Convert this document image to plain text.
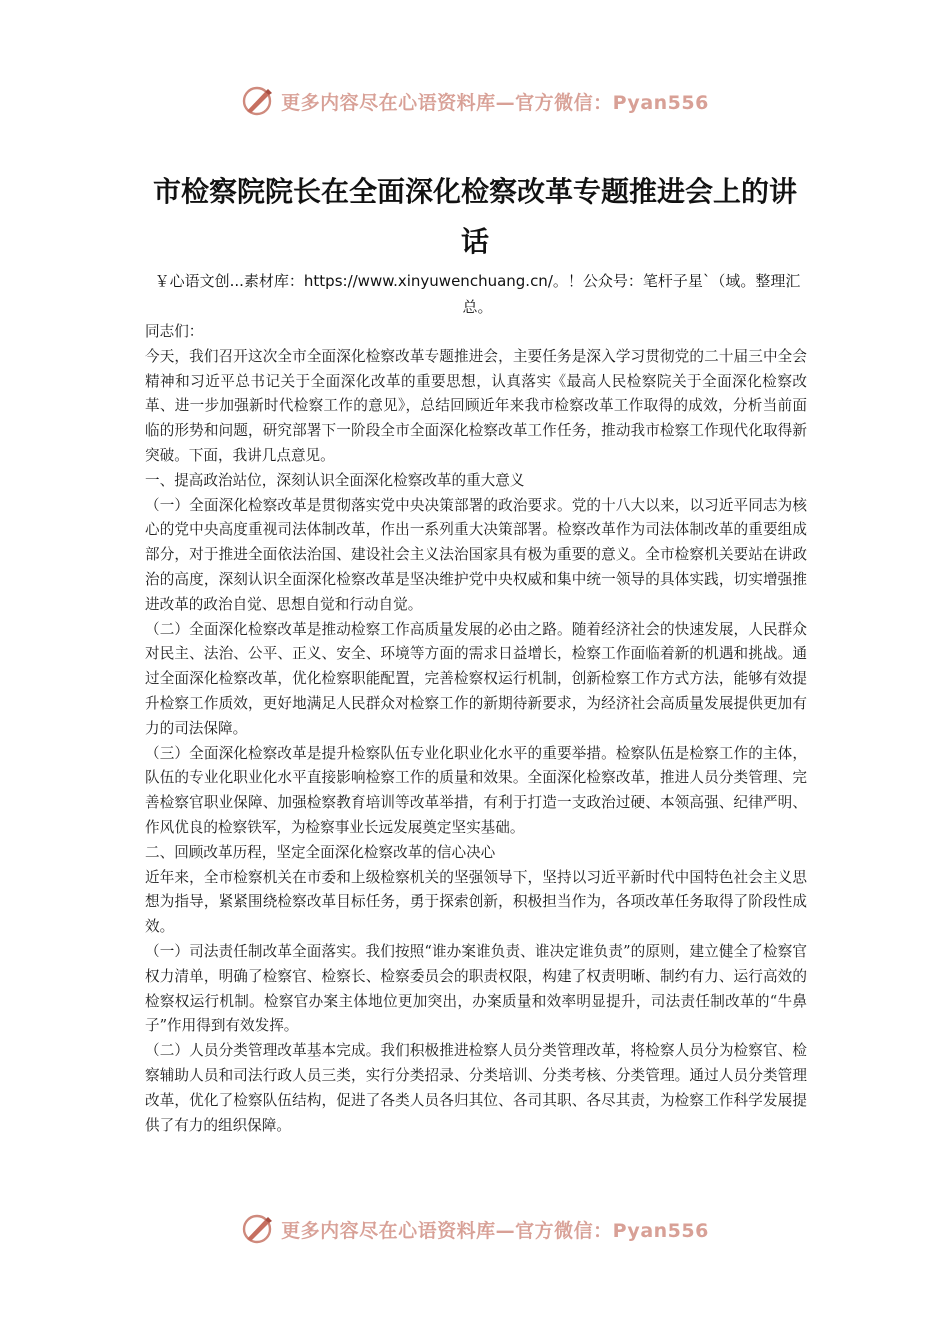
更多内容尽在心语资料库—官方微信：Pyan556
市检察院院长在全面深化检察改革专题推进会上的讲话
￥心语文创...素材库：https://www.xinyuwenchuang.cn/。！公众号：笔杆子星`（域。整理汇总。

同志们：

今天，我们召开这次全市全面深化检察改革专题推进会，主要任务是深入学习贯彻党的二十届三中全会精神和习近平总书记关于全面深化改革的重要思想，认真落实《最高人民检察院关于全面深化检察改革、进一步加强新时代检察工作的意见》，总结回顾近年来我市检察改革工作取得的成效，分析当前面临的形势和问题，研究部署下一阶段全市全面深化检察改革工作任务，推动我市检察工作现代化取得新突破。下面，我讲几点意见。

一、提高政治站位，深刻认识全面深化检察改革的重大意义

（一）全面深化检察改革是贯彻落实党中央决策部署的政治要求。党的十八大以来，以习近平同志为核心的党中央高度重视司法体制改革，作出一系列重大决策部署。检察改革作为司法体制改革的重要组成部分，对于推进全面依法治国、建设社会主义法治国家具有极为重要的意义。全市检察机关要站在讲政治的高度，深刻认识全面深化检察改革是坚决维护党中央权威和集中统一领导的具体实践，切实增强推进改革的政治自觉、思想自觉和行动自觉。

（二）全面深化检察改革是推动检察工作高质量发展的必由之路。随着经济社会的快速发展，人民群众对民主、法治、公平、正义、安全、环境等方面的需求日益增长，检察工作面临着新的机遇和挑战。通过全面深化检察改革，优化检察职能配置，完善检察权运行机制，创新检察工作方式方法，能够有效提升检察工作质效，更好地满足人民群众对检察工作的新期待新要求，为经济社会高质量发展提供更加有力的司法保障。

（三）全面深化检察改革是提升检察队伍专业化职业化水平的重要举措。检察队伍是检察工作的主体，队伍的专业化职业化水平直接影响检察工作的质量和效果。全面深化检察改革，推进人员分类管理、完善检察官职业保障、加强检察教育培训等改革举措，有利于打造一支政治过硬、本领高强、纪律严明、作风优良的检察铁军，为检察事业长远发展奠定坚实基础。

二、回顾改革历程，坚定全面深化检察改革的信心决心

近年来，全市检察机关在市委和上级检察机关的坚强领导下，坚持以习近平新时代中国特色社会主义思想为指导，紧紧围绕检察改革目标任务，勇于探索创新，积极担当作为，各项改革任务取得了阶段性成效。

（一）司法责任制改革全面落实。我们按照“谁办案谁负责、谁决定谁负责”的原则，建立健全了检察官权力清单，明确了检察官、检察长、检察委员会的职责权限，构建了权责明晰、制约有力、运行高效的检察权运行机制。检察官办案主体地位更加突出，办案质量和效率明显提升，司法责任制改革的“牛鼻子”作用得到有效发挥。

（二）人员分类管理改革基本完成。我们积极推进检察人员分类管理改革，将检察人员分为检察官、检察辅助人员和司法行政人员三类，实行分类招录、分类培训、分类考核、分类管理。通过人员分类管理改革，优化了检察队伍结构，促进了各类人员各归其位、各司其职、各尽其责，为检察工作科学发展提供了有力的组织保障。

更多内容尽在心语资料库—官方微信：Pyan556
